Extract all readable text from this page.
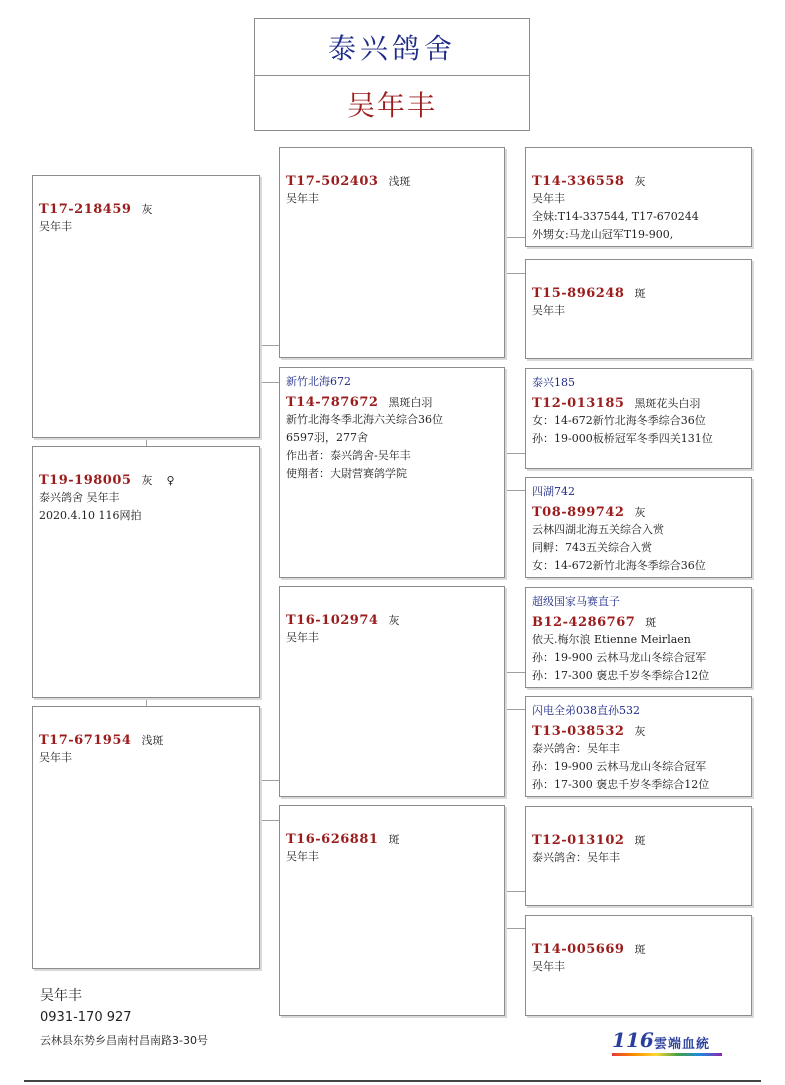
泰兴鸽舍
吴年丰
T17-218459 灰
吴年丰
T19-198005 灰 ♀
泰兴鸽舍 吴年丰
2020.4.10 116网拍
T17-671954 浅斑
吴年丰
T17-502403 浅斑
吴年丰
新竹北海672
T14-787672 黑斑白羽
新竹北海冬季北海六关综合36位
6597羽，277舍
作出者：泰兴鸽舍-吴年丰
使翔者：大尉营赛鸽学院
T16-102974 灰
吴年丰
T16-626881 斑
吴年丰
T14-336558 灰
吴年丰
全妹:T14-337544, T17-670244
外甥女:马龙山冠军T19-900,
T15-896248 斑
吴年丰
泰兴185
T12-013185 黑斑花头白羽
女：14-672新竹北海冬季综合36位
孙：19-000板桥冠军冬季四关131位
四湖742
T08-899742 灰
云林四湖北海五关综合入赏
同孵：743五关综合入赏
女：14-672新竹北海冬季综合36位
超级国家马赛直子
B12-4286767 斑
依天.梅尔浪 Etienne Meirlaen
孙：19-900 云林马龙山冬综合冠军
孙：17-300 褒忠千岁冬季综合12位
闪电全弟038直孙532
T13-038532 灰
泰兴鸽舍：吴年丰
孙：19-900 云林马龙山冬综合冠军
孙：17-300 褒忠千岁冬季综合12位
T12-013102 斑
泰兴鸽舍：吴年丰
T14-005669 斑
吴年丰
吴年丰
0931-170 927
云林县东势乡昌南村昌南路3-30号	116 雲端血統
